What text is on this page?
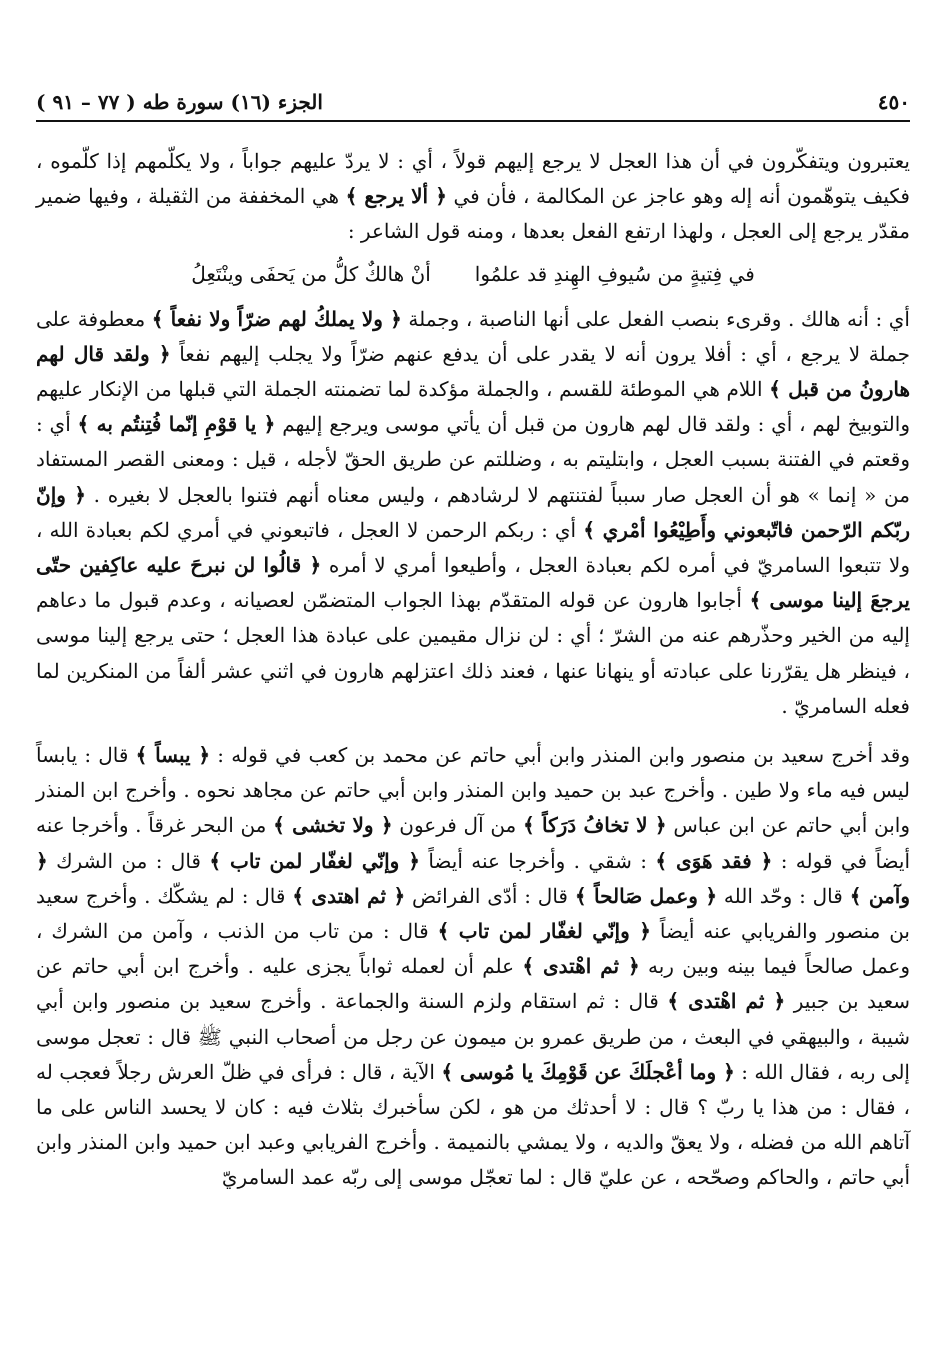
٤٥٠
الجزء (١٦) سورة طه ( ٧٧ – ٩١ )

يعتبرون ويتفكّرون في أن هذا العجل لا يرجع إليهم قولاً ، أي : لا يردّ عليهم جواباً ، ولا يكلّمهم إذا كلّموه ، فكيف يتوهّمون أنه إله وهو عاجز عن المكالمة ، فأن في ﴿ ألا يرجع ﴾ هي المخففة من الثقيلة ، وفيها ضمير مقدّر يرجع إلى العجل ، ولهذا ارتفع الفعل بعدها ، ومنه قول الشاعر :

في فِتيةٍ من سُيوفِ الهِندِ قد علمُوا
أنْ هالكٌ كلُّ من يَحفَى وينْتَعِلُ

أي : أنه هالك . وقرىء بنصب الفعل على أنها الناصبة ، وجملة ﴿ ولا يملكُ لهم ضرّاً ولا نفعاً ﴾ معطوفة على جملة لا يرجع ، أي : أفلا يرون أنه لا يقدر على أن يدفع عنهم ضرّاً ولا يجلب إليهم نفعاً ﴿ ولقد قال لهم هارونُ من قبل ﴾ اللام هي الموطئة للقسم ، والجملة مؤكدة لما تضمنته الجملة التي قبلها من الإنكار عليهم والتوبيخ لهم ، أي : ولقد قال لهم هارون من قبل أن يأتي موسى ويرجع إليهم ﴿ يا قوْمِ إنّما فُتِنتُم به ﴾ أي : وقعتم في الفتنة بسبب العجل ، وابتليتم به ، وضللتم عن طريق الحقّ لأجله ، قيل : ومعنى القصر المستفاد من « إنما » هو أن العجل صار سبباً لفتنتهم لا لرشادهم ، وليس معناه أنهم فتنوا بالعجل لا بغيره . ﴿ وإنّ ربّكم الرّحمن فاتّبعوني وأَطِيْعُوا أمْري ﴾ أي : ربكم الرحمن لا العجل ، فاتبعوني في أمري لكم بعبادة الله ، ولا تتبعوا السامريّ في أمره لكم بعبادة العجل ، وأطيعوا أمري لا أمره ﴿ قالُوا لن نبرحَ عليه عاكِفين حتّى يرجعَ إلينا موسى ﴾ أجابوا هارون عن قوله المتقدّم بهذا الجواب المتضمّن لعصيانه ، وعدم قبول ما دعاهم إليه من الخير وحذّرهم عنه من الشرّ ؛ أي : لن نزال مقيمين على عبادة هذا العجل ؛ حتى يرجع إلينا موسى ، فينظر هل يقرّرنا على عبادته أو ينهانا عنها ، فعند ذلك اعتزلهم هارون في اثني عشر ألفاً من المنكرين لما فعله السامريّ .

وقد أخرج سعيد بن منصور وابن المنذر وابن أبي حاتم عن محمد بن كعب في قوله : ﴿ يبساً ﴾ قال : يابساً ليس فيه ماء ولا طين . وأخرج عبد بن حميد وابن المنذر وابن أبي حاتم عن مجاهد نحوه . وأخرج ابن المنذر وابن أبي حاتم عن ابن عباس ﴿ لا تخافُ دَرَكاً ﴾ من آل فرعون ﴿ ولا تخشى ﴾ من البحر غرقاً . وأخرجا عنه أيضاً في قوله : ﴿ فقد هَوَى ﴾ : شقي . وأخرجا عنه أيضاً ﴿ وإنّي لغفّار لمن تاب ﴾ قال : من الشرك ﴿ وآمن ﴾ قال : وحّد الله ﴿ وعمل صَالحاً ﴾ قال : أدّى الفرائض ﴿ ثم اهتدى ﴾ قال : لم يشكّك . وأخرج سعيد بن منصور والفريابي عنه أيضاً ﴿ وإنّي لغفّار لمن تاب ﴾ قال : من تاب من الذنب ، وآمن من الشرك ، وعمل صالحاً فيما بينه وبين ربه ﴿ ثم اهْتدى ﴾ علم أن لعمله ثواباً يجزى عليه . وأخرج ابن أبي حاتم عن سعيد بن جبير ﴿ ثم اهْتدى ﴾ قال : ثم استقام ولزم السنة والجماعة . وأخرج سعيد بن منصور وابن أبي شيبة ، والبيهقي في البعث ، من طريق عمرو بن ميمون عن رجل من أصحاب النبي ﷺ قال : تعجل موسى إلى ربه ، فقال الله : ﴿ وما أعْجلَكَ عن قَوْمِكَ يا مُوسى ﴾ الآية ، قال : فرأى في ظلّ العرش رجلاً فعجب له ، فقال : من هذا يا ربّ ؟ قال : لا أحدثك من هو ، لكن سأخبرك بثلاث فيه : كان لا يحسد الناس على ما آتاهم الله من فضله ، ولا يعقّ والديه ، ولا يمشي بالنميمة . وأخرج الفريابي وعبد ابن حميد وابن المنذر وابن أبي حاتم ، والحاكم وصحّحه ، عن عليّ قال : لما تعجّل موسى إلى ربّه عمد السامريّ
